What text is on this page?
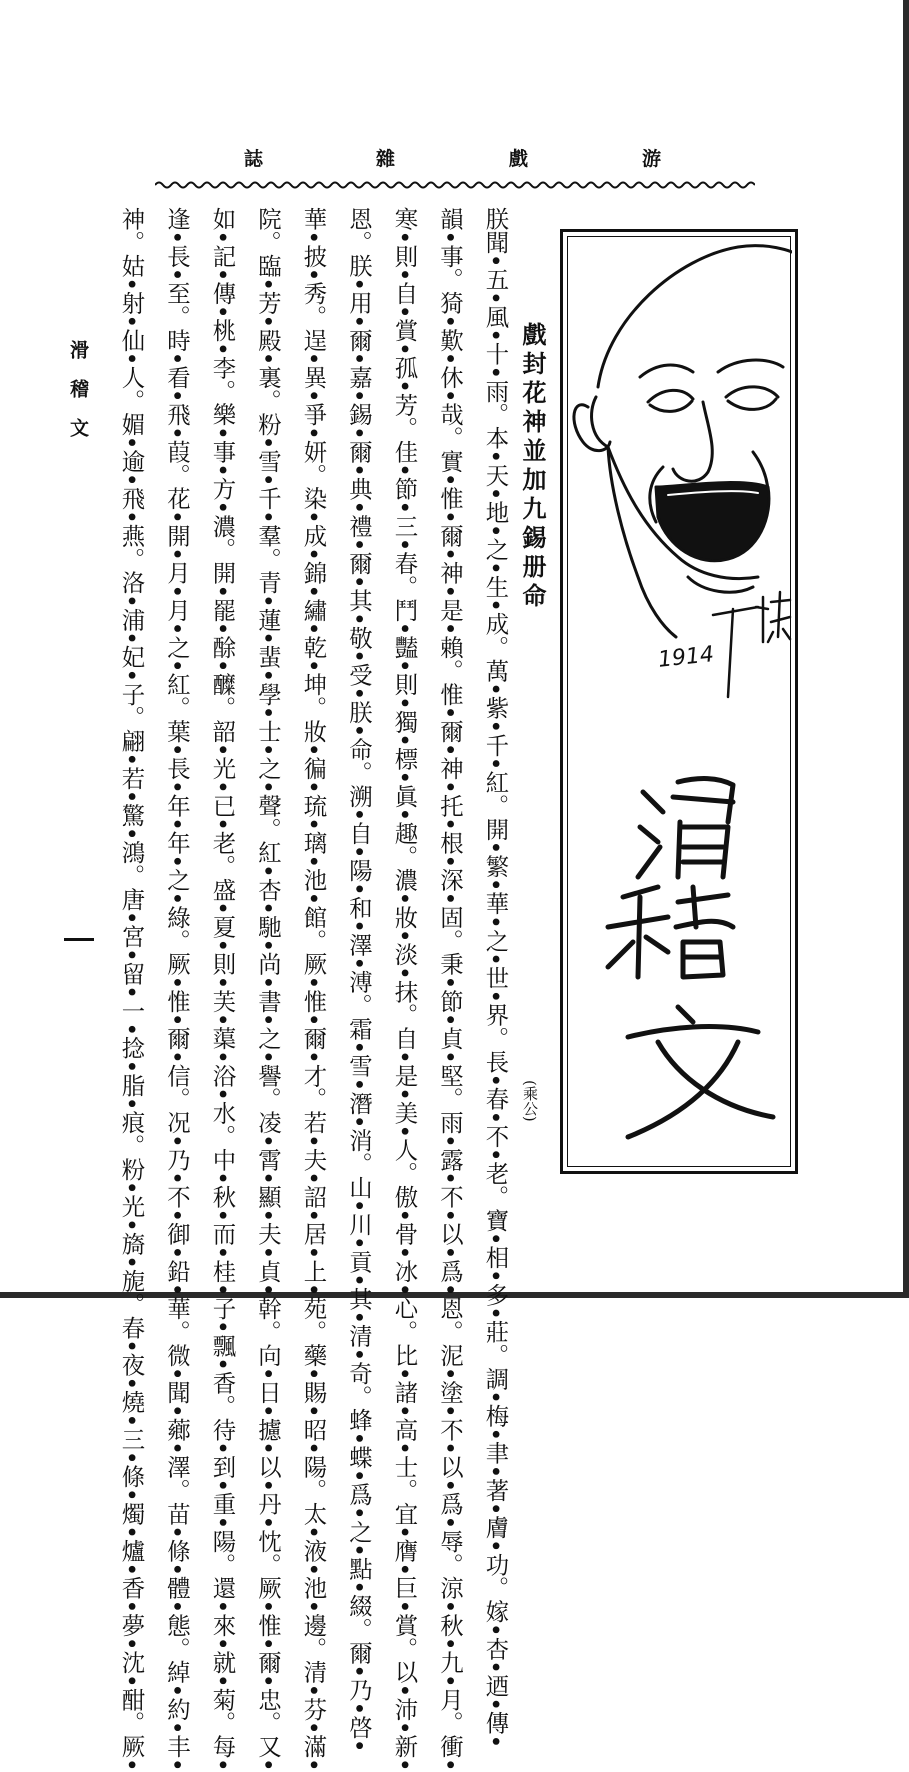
誌	雜	戲	游
滑稽文	朕聞•五•風•十•雨。本•天•地•之•生•成。萬•紫•千•紅。開•繁•華•之•世•界。長•春•不•老。寶•相•多•莊。調•梅•聿•著•膚•功。嫁•杏•迺•傳•
韻•事。猗•歎•休•哉。實•惟•爾•神•是•賴。惟•爾•神•托•根•深•固。秉•節•貞•堅。雨•露•不•以•爲•恩。泥•塗•不•以•爲•辱。涼•秋•九•月。衝•
寒•則•自•賞•孤•芳。佳•節•三•春。鬥•豔•則•獨•標•眞•趣。濃•妝•淡•抹。自•是•美•人。傲•骨•冰•心。比•諸•高•士。宜•膺•巨•賞。以•沛•新•
恩。朕•用•爾•嘉•錫•爾•典•禮•爾•其•敬•受•朕•命。溯•自•陽•和•澤•溥。霜•雪•潛•消。山•川•貢•其•清•奇。蜂•蝶•爲•之•點•綴。爾•乃•啓•
華•披•秀。逞•異•爭•妍。染•成•錦•繡•乾•坤。妝•徧•琉•璃•池•館。厥•惟•爾•才。若•夫•詔•居•上•苑。藥•賜•昭•陽。太•液•池•邊。清•芬•滿•
院。臨•芳•殿•裏。粉•雪•千•羣。青•蓮•蜚•學•士•之•聲。紅•杏•馳•尚•書•之•譽。凌•霄•顯•夫•貞•幹。向•日•攄•以•丹•忱。厥•惟•爾•忠。又•
如•記•傳•桃•李。樂•事•方•濃。開•罷•酴•醾。韶•光•已•老。盛•夏•則•芙•蕖•浴•水。中•秋•而•桂•子•飄•香。待•到•重•陽。還•來•就•菊。每•
逢•長•至。時•看•飛•葭。花•開•月•月•之•紅。葉•長•年•年•之•綠。厥•惟•爾•信。况•乃•不•御•鉛•華。微•聞•薌•澤。苗•條•體•態。綽•約•丰•
神。姑•射•仙•人。媚•逾•飛•燕。洛•浦•妃•子。翩•若•驚•鴻。唐•宮•留•一•捻•脂•痕。粉•光•旖•旎。春•夜•燒•三•條•燭•爐•香•夢•沈•酣。厥•	戲封花神並加九錫册命
(乘公)
1914
